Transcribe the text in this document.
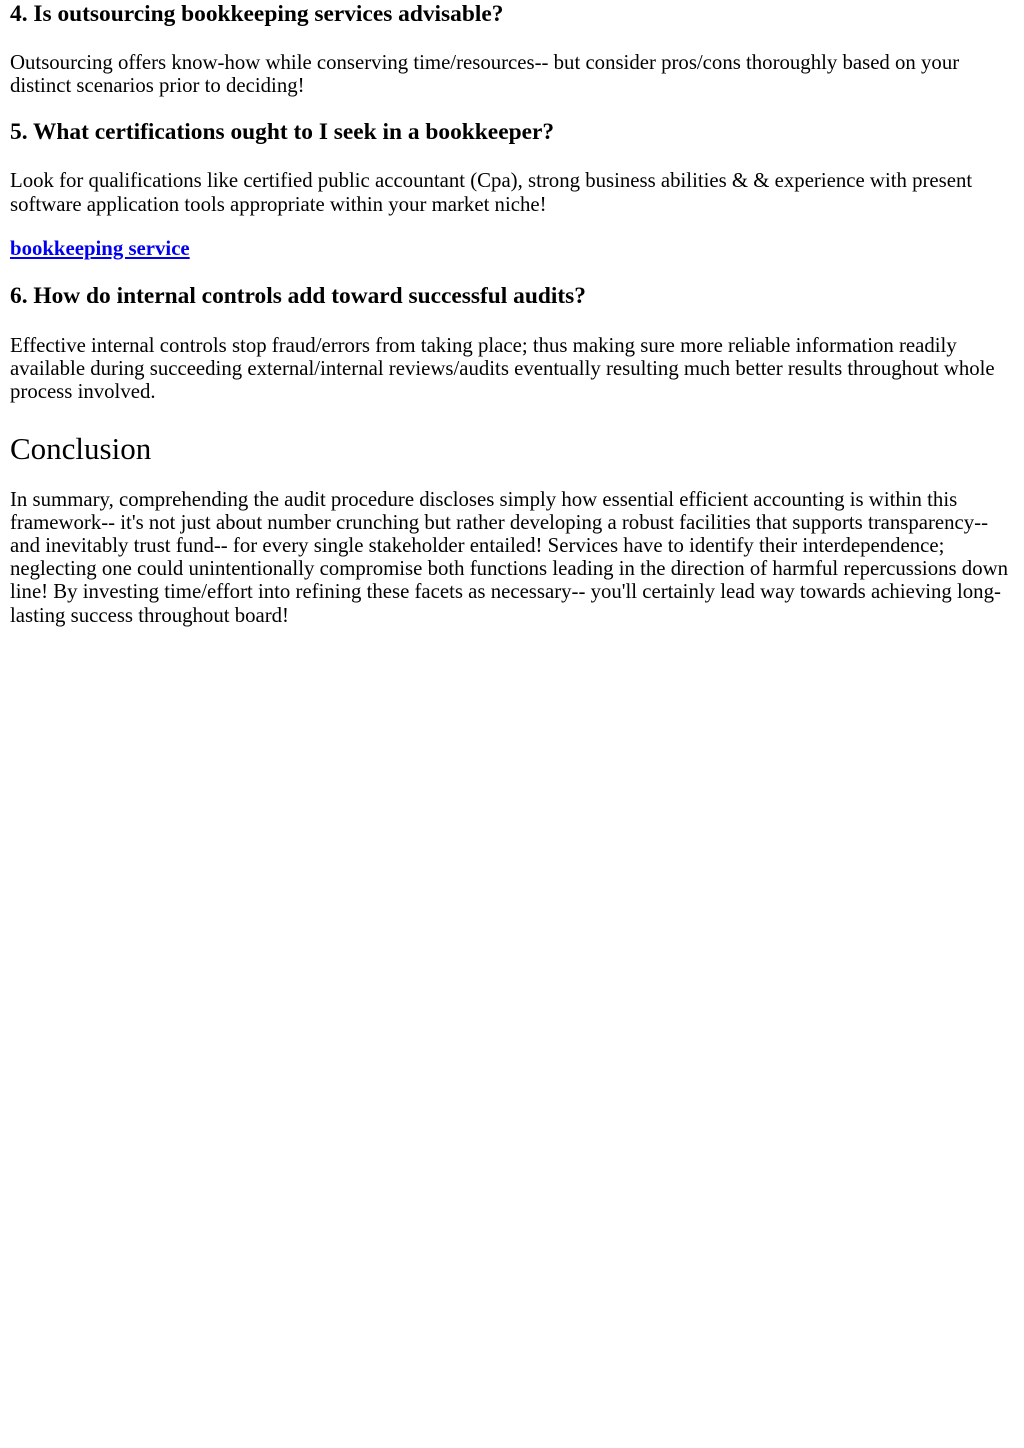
4. Is outsourcing bookkeeping services advisable?

Outsourcing offers know-how while conserving time/resources-- but consider pros/cons thoroughly based on your distinct scenarios prior to deciding!

5. What certifications ought to I seek in a bookkeeper?

Look for qualifications like certified public accountant (Cpa), strong business abilities & & experience with present software application tools appropriate within your market niche!

bookkeeping service

6. How do internal controls add toward successful audits?

Effective internal controls stop fraud/errors from taking place; thus making sure more reliable information readily available during succeeding external/internal reviews/audits eventually resulting much better results throughout whole process involved.

Conclusion

In summary, comprehending the audit procedure discloses simply how essential efficient accounting is within this framework-- it's not just about number crunching but rather developing a robust facilities that supports transparency-- and inevitably trust fund-- for every single stakeholder entailed! Services have to identify their interdependence; neglecting one could unintentionally compromise both functions leading in the direction of harmful repercussions down line! By investing time/effort into refining these facets as necessary-- you'll certainly lead way towards achieving long-lasting success throughout board!
